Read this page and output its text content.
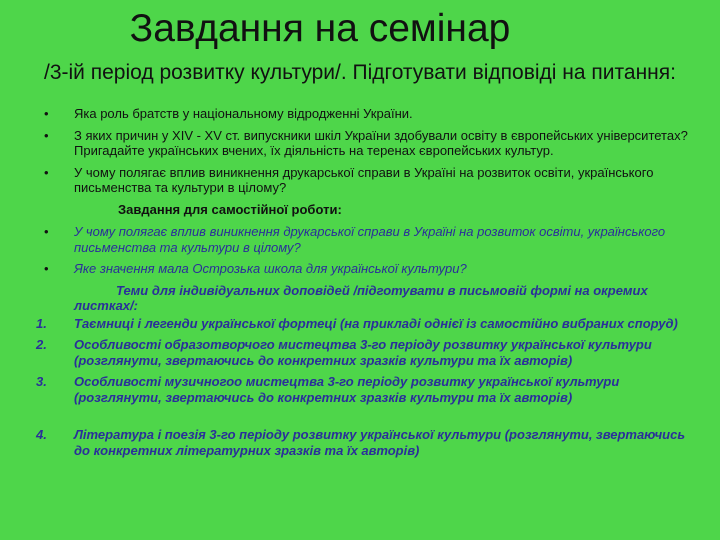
Завдання на семінар
/3-ій період розвитку культури/. Підготувати відповіді на питання:
• Яка роль братств у національному відродженні України.
• З яких причин у XIV - XV ст. випускники шкіл України здобували освіту в європейських університетах? Пригадайте українських вчених, їх діяльність на теренах європейських культур.
• У чому полягає вплив виникнення друкарської справи в Україні на розвиток освіти, українського письменства та культури в цілому?
Завдання для самостійної роботи:
• У чому полягає вплив виникнення друкарської справи в Україні на розвиток освіти, українського письменства та культури в цілому?
• Яке значення мала Острозька школа для української культури?
Теми для індивідуальних доповідей /підготувати в письмовій формі на окремих листках/:
1. Таємниці і легенди української фортеці (на прикладі однієї із самостійно вибраних споруд)
2. Особливості образотворчого мистецтва 3-го періоду розвитку української культури (розглянути, звертаючись до конкретних зразків культури та їх авторів)
3. Особливості музичногоо мистецтва 3-го періоду розвитку української культури (розглянути, звертаючись до конкретних зразків культури та їх авторів)
4. Література і поезія 3-го періоду розвитку української культури (розглянути, звертаючись до конкретних літературних зразків та їх авторів)
